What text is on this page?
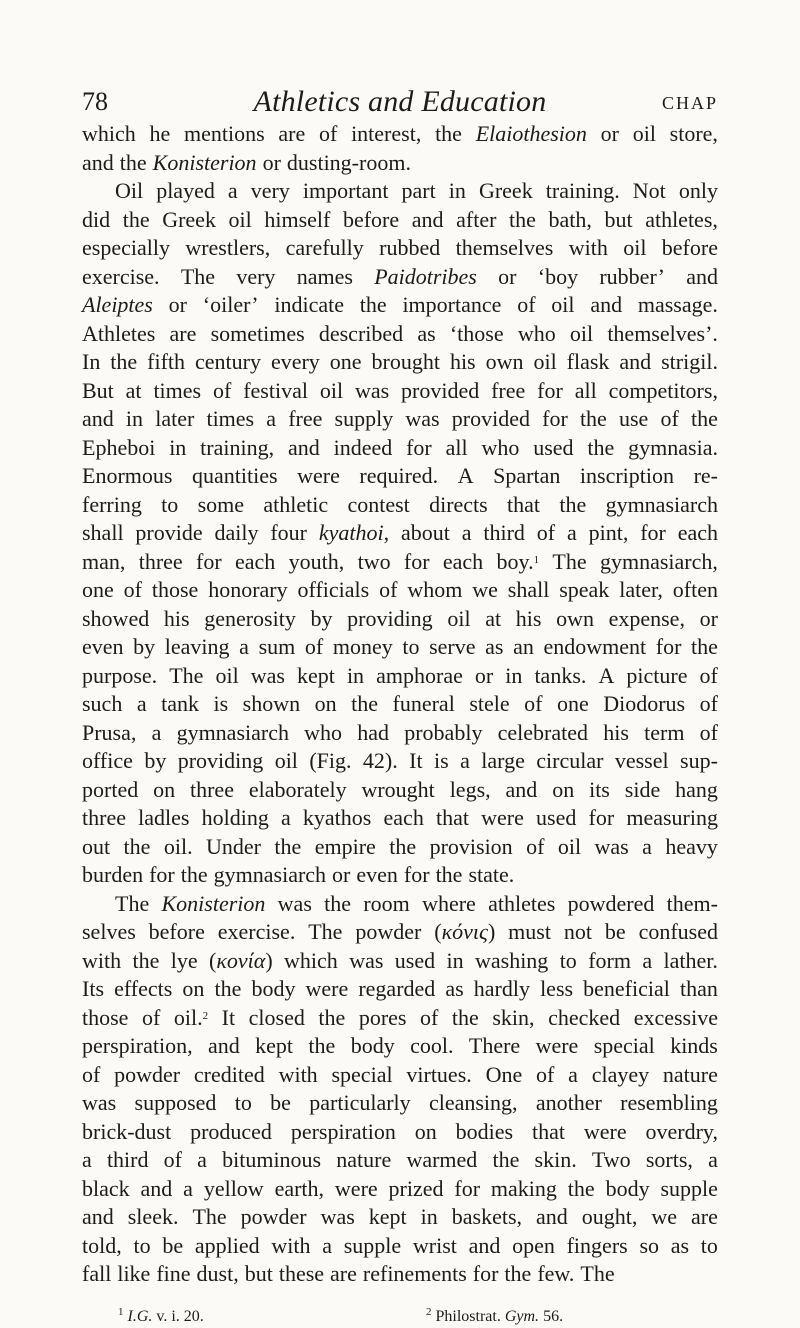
78	Athletics and Education	CHAP
which he mentions are of interest, the Elaiothesion or oil store,
and the Konisterion or dusting-room.
Oil played a very important part in Greek training. Not only
did the Greek oil himself before and after the bath, but athletes,
especially wrestlers, carefully rubbed themselves with oil before
exercise. The very names Paidotribes or ‘boy rubber’ and
Aleiptes or ‘oiler’ indicate the importance of oil and massage.
Athletes are sometimes described as ‘those who oil themselves’.
In the fifth century every one brought his own oil flask and strigil.
But at times of festival oil was provided free for all competitors,
and in later times a free supply was provided for the use of the
Epheboi in training, and indeed for all who used the gymnasia.
Enormous quantities were required. A Spartan inscription re-
ferring to some athletic contest directs that the gymnasiarch
shall provide daily four kyathoi, about a third of a pint, for each
man, three for each youth, two for each boy.$^1$ The gymnasiarch,
one of those honorary officials of whom we shall speak later, often
showed his generosity by providing oil at his own expense, or
even by leaving a sum of money to serve as an endowment for the
purpose. The oil was kept in amphorae or in tanks. A picture of
such a tank is shown on the funeral stele of one Diodorus of
Prusa, a gymnasiarch who had probably celebrated his term of
office by providing oil (Fig. 42). It is a large circular vessel sup-
ported on three elaborately wrought legs, and on its side hang
three ladles holding a kyathos each that were used for measuring
out the oil. Under the empire the provision of oil was a heavy
burden for the gymnasiarch or even for the state.
The Konisterion was the room where athletes powdered them-
selves before exercise. The powder (κόνις) must not be confused
with the lye (κονία) which was used in washing to form a lather.
Its effects on the body were regarded as hardly less beneficial than
those of oil.$^2$ It closed the pores of the skin, checked excessive
perspiration, and kept the body cool. There were special kinds
of powder credited with special virtues. One of a clayey nature
was supposed to be particularly cleansing, another resembling
brick-dust produced perspiration on bodies that were overdry,
a third of a bituminous nature warmed the skin. Two sorts, a
black and a yellow earth, were prized for making the body supple
and sleek. The powder was kept in baskets, and ought, we are
told, to be applied with a supple wrist and open fingers so as to
fall like fine dust, but these are refinements for the few. The
$^1$ I.G. v. i. 20.	$^2$ Philostrat. Gym. 56.
